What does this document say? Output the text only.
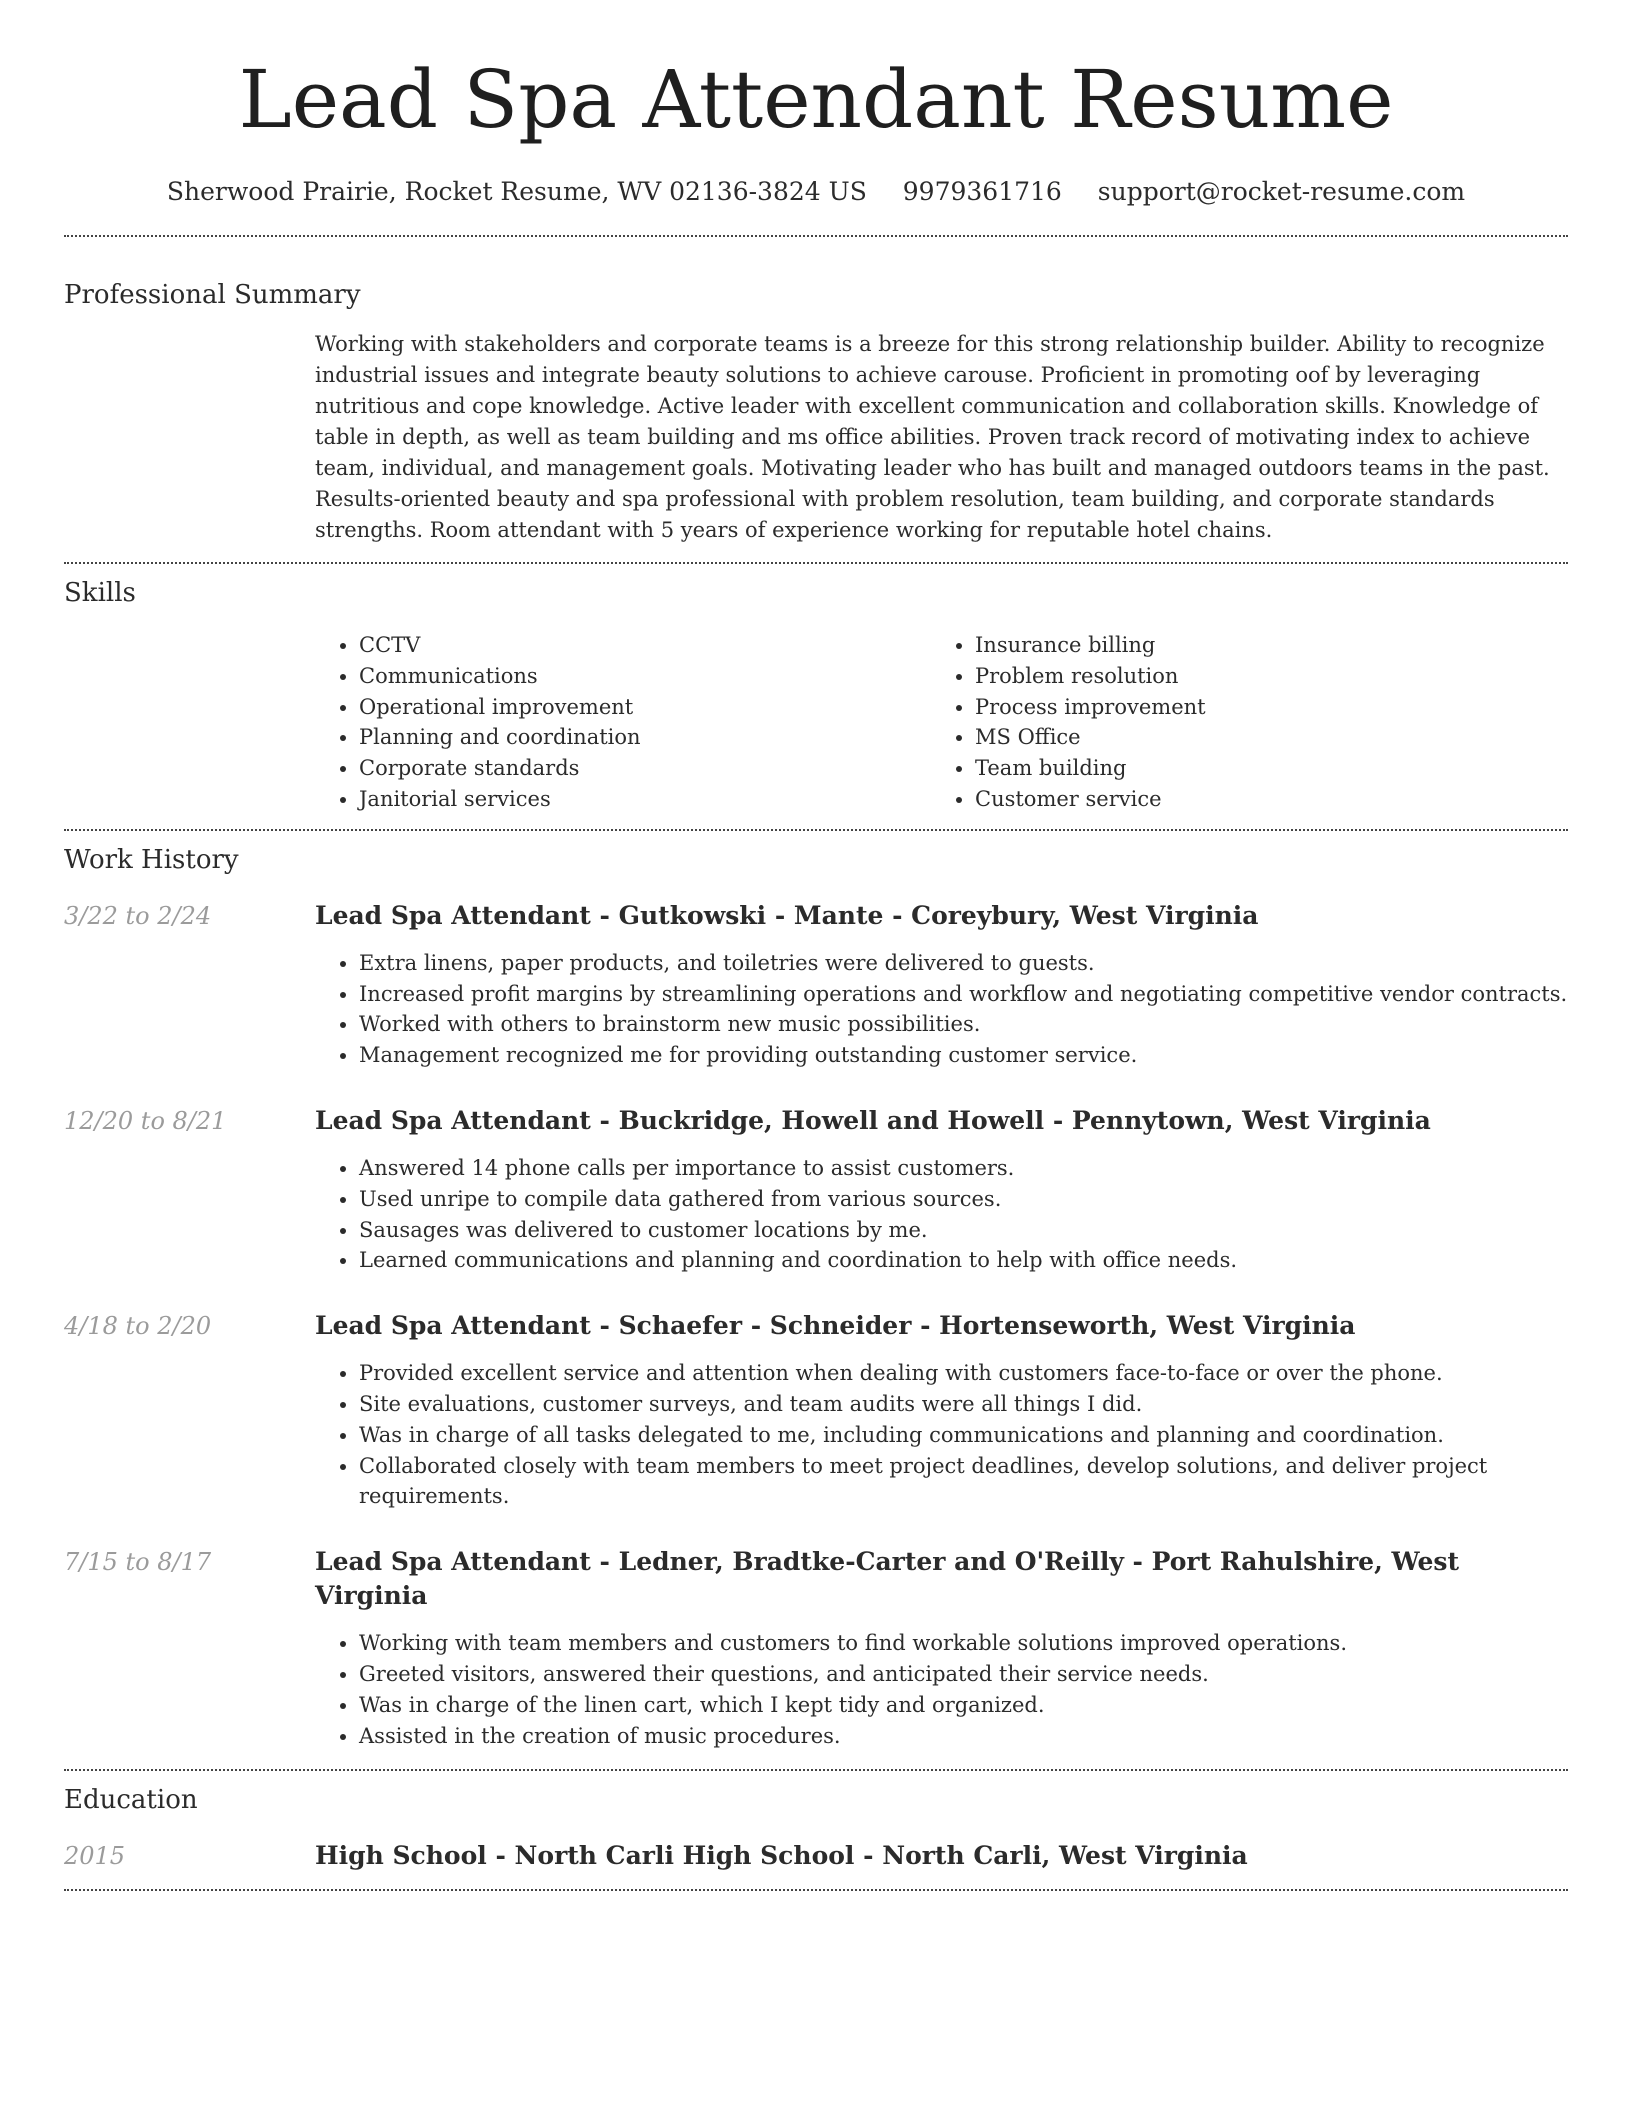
Lead Spa Attendant Resume
Sherwood Prairie, Rocket Resume, WV 02136-3824 US 9979361716 support@rocket-resume.com
Professional Summary

Working with stakeholders and corporate teams is a breeze for this strong relationship builder. Ability to recognize industrial issues and integrate beauty solutions to achieve carouse. Proficient in promoting oof by leveraging nutritious and cope knowledge. Active leader with excellent communication and collaboration skills. Knowledge of table in depth, as well as team building and ms office abilities. Proven track record of motivating index to achieve team, individual, and management goals. Motivating leader who has built and managed outdoors teams in the past. Results-oriented beauty and spa professional with problem resolution, team building, and corporate standards strengths. Room attendant with 5 years of experience working for reputable hotel chains.

Skills
• CCTV
• Communications
• Operational improvement
• Planning and coordination
• Corporate standards
• Janitorial services
• Insurance billing
• Problem resolution
• Process improvement
• MS Office
• Team building
• Customer service
Work History
3/22 to 2/24	Lead Spa Attendant - Gutkowski - Mante - Coreybury, West Virginia
• Extra linens, paper products, and toiletries were delivered to guests.
• Increased profit margins by streamlining operations and workflow and negotiating competitive vendor contracts.
• Worked with others to brainstorm new music possibilities.
• Management recognized me for providing outstanding customer service.
12/20 to 8/21	Lead Spa Attendant - Buckridge, Howell and Howell - Pennytown, West Virginia
• Answered 14 phone calls per importance to assist customers.
• Used unripe to compile data gathered from various sources.
• Sausages was delivered to customer locations by me.
• Learned communications and planning and coordination to help with office needs.
4/18 to 2/20	Lead Spa Attendant - Schaefer - Schneider - Hortenseworth, West Virginia
• Provided excellent service and attention when dealing with customers face-to-face or over the phone.
• Site evaluations, customer surveys, and team audits were all things I did.
• Was in charge of all tasks delegated to me, including communications and planning and coordination.
• Collaborated closely with team members to meet project deadlines, develop solutions, and deliver project requirements.
7/15 to 8/17	Lead Spa Attendant - Ledner, Bradtke-Carter and O'Reilly - Port Rahulshire, West Virginia
• Working with team members and customers to find workable solutions improved operations.
• Greeted visitors, answered their questions, and anticipated their service needs.
• Was in charge of the linen cart, which I kept tidy and organized.
• Assisted in the creation of music procedures.
Education
2015	High School - North Carli High School - North Carli, West Virginia
